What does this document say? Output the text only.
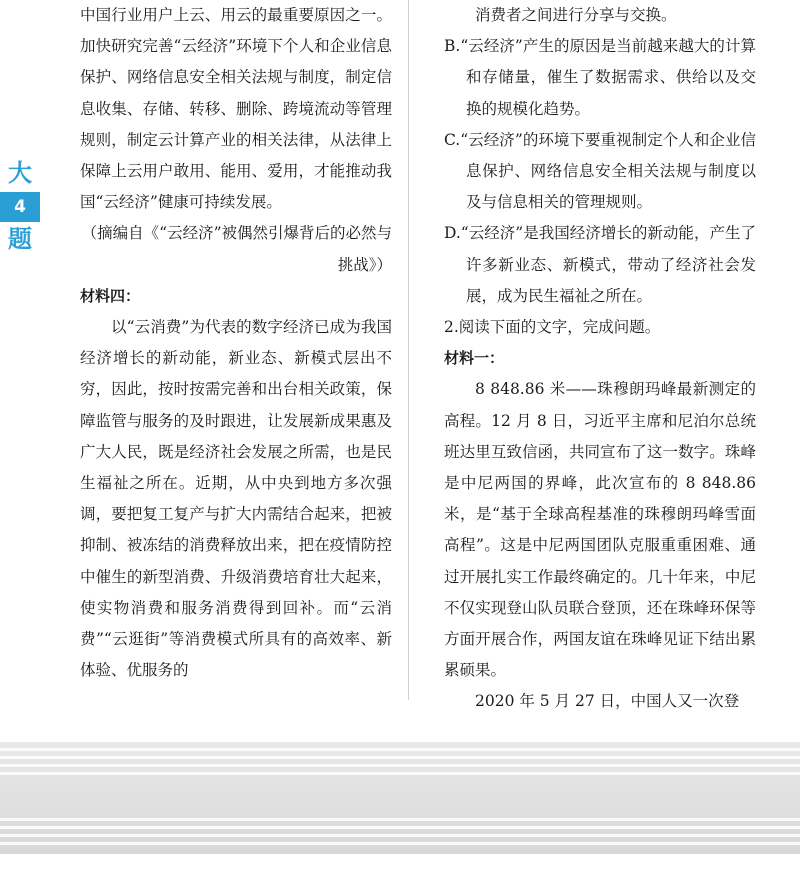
大
4
题

中国行业用户上云、用云的最重要原因之一。加快研究完善“云经济”环境下个人和企业信息保护、网络信息安全相关法规与制度，制定信息收集、存储、转移、删除、跨境流动等管理规则，制定云计算产业的相关法律，从法律上保障上云用户敢用、能用、爱用，才能推动我国“云经济”健康可持续发展。

（摘编自《“云经济”被偶然引爆背后的必然与挑战》）

材料四：

以“云消费”为代表的数字经济已成为我国经济增长的新动能，新业态、新模式层出不穷，因此，按时按需完善和出台相关政策，保障监管与服务的及时跟进，让发展新成果惠及广大人民，既是经济社会发展之所需，也是民生福祉之所在。近期，从中央到地方多次强调，要把复工复产与扩大内需结合起来，把被抑制、被冻结的消费释放出来，把在疫情防控中催生的新型消费、升级消费培育壮大起来，使实物消费和服务消费得到回补。而“云消费”“云逛街”等消费模式所具有的高效率、新体验、优服务的

消费者之间进行分享与交换。

B.“云经济”产生的原因是当前越来越大的计算和存储量，催生了数据需求、供给以及交换的规模化趋势。

C.“云经济”的环境下要重视制定个人和企业信息保护、网络信息安全相关法规与制度以及与信息相关的管理规则。

D.“云经济”是我国经济增长的新动能，产生了许多新业态、新模式，带动了经济社会发展，成为民生福祉之所在。

2.阅读下面的文字，完成问题。

材料一：

8 848.86 米——珠穆朗玛峰最新测定的高程。12 月 8 日，习近平主席和尼泊尔总统班达里互致信函，共同宣布了这一数字。珠峰是中尼两国的界峰，此次宣布的 8 848.86 米，是“基于全球高程基准的珠穆朗玛峰雪面高程”。这是中尼两国团队克服重重困难、通过开展扎实工作最终确定的。几十年来，中尼不仅实现登山队员联合登顶，还在珠峰环保等方面开展合作，两国友谊在珠峰见证下结出累累硕果。

2020 年 5 月 27 日，中国人又一次登
